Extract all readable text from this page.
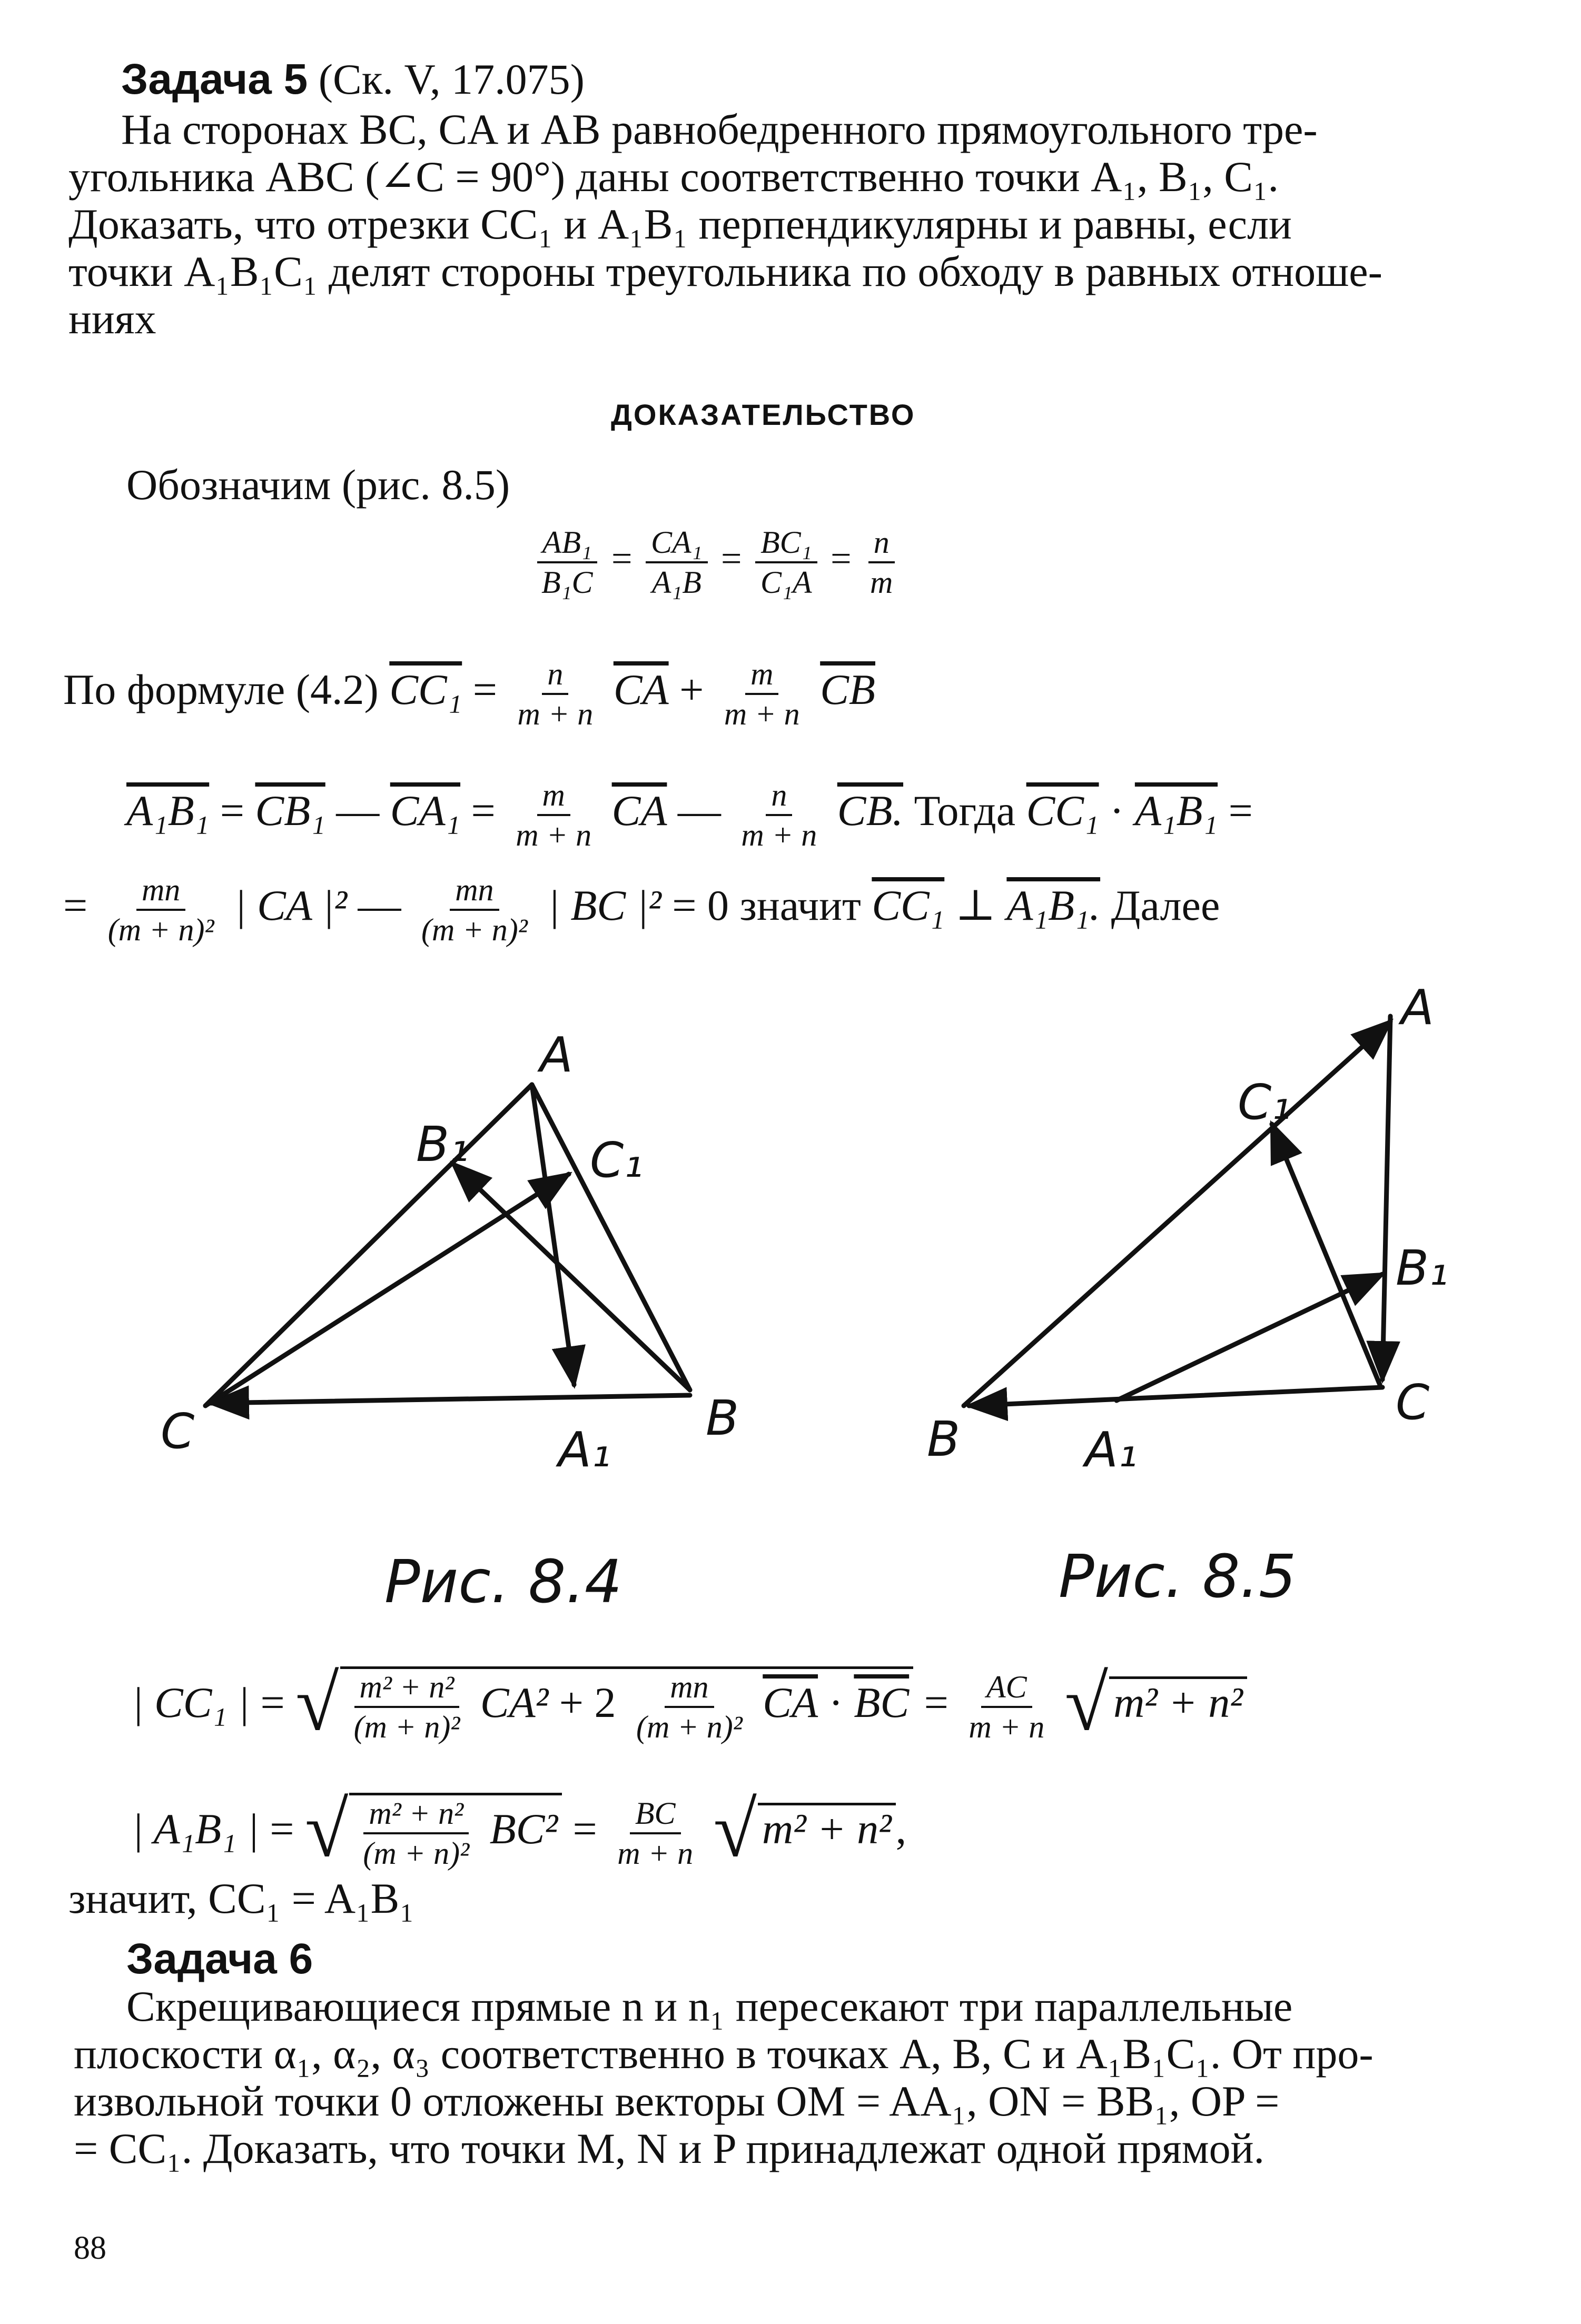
Задача 5 (Ск. V, 17.075)
На сторонах BC, CA и AB равнобедренного прямоугольного тре-
угольника ABC (∠C = 90°) даны соответственно точки A₁, B₁, C₁.
Доказать, что отрезки CC₁ и A₁B₁ перпендикулярны и равны, если
точки A₁B₁C₁ делят стороны треугольника по обходу в равных отноше-
ниях
ДОКАЗАТЕЛЬСТВО
Обозначим (рис. 8.5)
$\frac{\text{AB₁}}{\text{B₁C}} = \frac{\text{CA₁}}{\text{A₁B}} = \frac{\text{BC₁}}{\text{C₁A}} = \frac{n}{m}$
По формуле (4.2) $CC_1 = \frac{n}{m + n} \overline{CA} + \frac{m}{m + n} \overline{CB}$
A₁B₁ = CB₁ — $CA_1 = \frac{m}{m + n} \overline{CA}$ — $\frac{n}{m + n}$ CB. Тогда CC₁ · A₁B₁ =
= $\frac{mn}{\text{(m + n)²}}$ | CA |² — $\frac{mn}{\text{(m + n)²}}$ | BC |² = 0 значит CC₁ ⊥ A₁B₁. Далее
A
B
C	A₁
B₁	C₁
Рис. 8.4
A
B
C
A₁
B₁
C₁
Рис. 8.5
| CC₁ | = √ $\frac{\text{m² + n²}}{\text{(m + n)²}} CA^2 + 2 \frac{mn}{\text{(m + n)²}} \overline{CA} \cdot \overline{BC} = \frac{AC}{m + n}$ √ m² + n²
| A₁B₁ | = √ $\frac{\text{m² + n²}}{\text{(m + n)²}} BC^2 = \frac{BC}{m + n}$ √ m² + n²,
значит, CC₁ = A₁B₁
Задача 6
Скрещивающиеся прямые n и n₁ пересекают три параллельные
плоскости α₁, α₂, α₃ соответственно в точках A, B, C и A₁B₁C₁. От про-
извольной точки 0 отложены векторы OM = AA₁, ON = BB₁, OP =
= CC₁. Доказать, что точки M, N и P принадлежат одной прямой.
88
